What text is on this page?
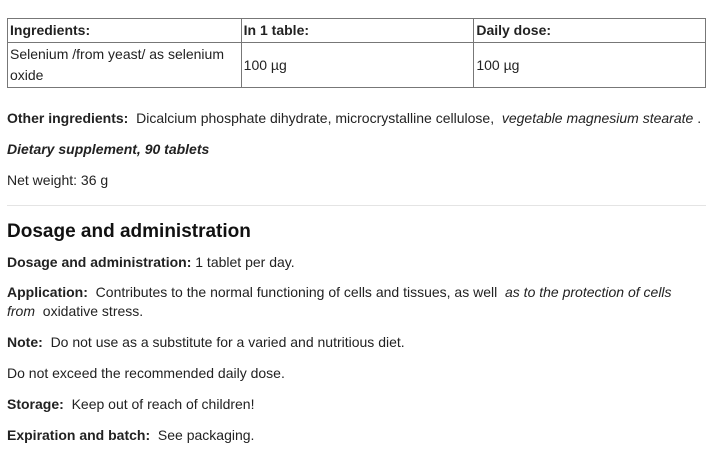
Ingredients:	In 1 table:	Daily dose:
Selenium /from yeast/ as selenium oxide	100 µg	100 µg

Other ingredients: Dicalcium phosphate dihydrate, microcrystalline cellulose, vegetable magnesium stearate .

Dietary supplement, 90 tablets

Net weight: 36 g

Dosage and administration

Dosage and administration: 1 tablet per day.

Application: Contributes to the normal functioning of cells and tissues, as well as to the protection of cells from oxidative stress.

Note: Do not use as a substitute for a varied and nutritious diet.

Do not exceed the recommended daily dose.

Storage: Keep out of reach of children!

Expiration and batch: See packaging.
